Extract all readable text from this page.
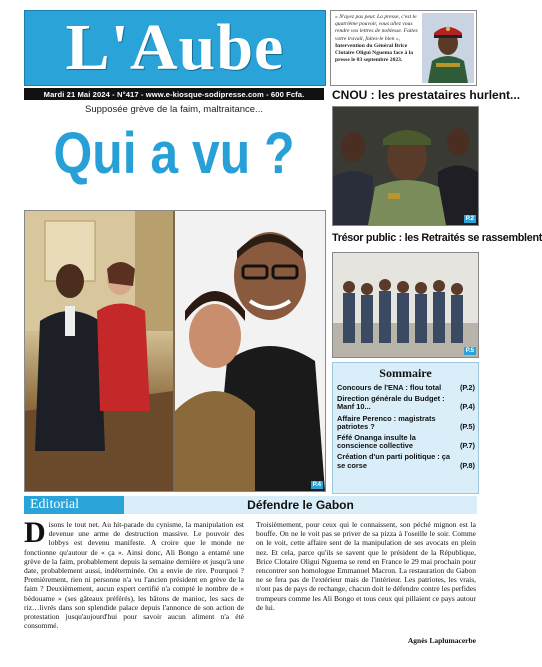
L'Aube	« N'ayez pas peur. La presse, c'est le quatrième pouvoir, vous allez vous rendre vos lettres de noblesse. Faites votre travail, faites-le bien », Intervention du Général Brice Clotaire Oligui Nguema face à la presse le 03 septembre 2023.
Mardi 21 Mai 2024 - N°417 - www.e-kiosque-sodipresse.com - 600 Fcfa.
Supposée grève de la faim, maltraitance...
Qui a vu ?
P.4
CNOU : les prestataires hurlent...
P.2
Trésor public : les Retraités se rassemblent
P.5
Sommaire
Concours de l'ENA : flou total	(P.2)
Direction générale du Budget : Manf 10...	(P.4)
Affaire Perenco : magistrats patriotes ?	(P.5)
Féfé Onanga insulte la conscience collective	(P.7)
Création d'un parti politique : ça se corse	(P.8)
Editorial	Défendre le Gabon
D isons le tout net. Au hit-parade du cynisme, la manipulation est devenue une arme de destruction massive. Le pouvoir des lobbys est devenu manifeste. A croire que le monde ne fonctionne qu'autour de « ça ». Ainsi donc, Ali Bongo a entamé une grève de la faim, probablement depuis la semaine dernière et jusqu'à une date, probablement aussi, indéterminée. On a envie de rire. Pourquoi ? Premièrement, rien ni personne n'a vu l'ancien président en grève de la faim ? Deuxièmement, aucun expert certifié n'a compté le nombre de « bédouame » (ses gâteaux préférés), les bâtons de manioc, les sacs de riz…livrés dans son splendide palace depuis l'annonce de son action de protestation jusqu'aujourd'hui pour savoir aucun aliment n'a été consommé.
Troisièmement, pour ceux qui le connaissent, son péché mignon est la bouffe. On ne le voit pas se priver de sa pizza à l'oseille le soir. Comme on le voit, cette affaire sent de la manipulation de ses avocats en plein nez. Et cela, parce qu'ils se savent que le président de la République, Brice Clotaire Oligui Nguema se rend en France le 29 mai prochain pour rencontrer son homologue Emmanuel Macron. La restauration du Gabon ne se fera pas de l'extérieur mais de l'intérieur. Les patriotes, les vrais, n'ont pas de pays de rechange, chacun doit le défendre contre les perfides trompeurs comme les Ali Bongo et tous ceux qui pillaient ce pays autour de lui.
Agnès Laplumacerbe
